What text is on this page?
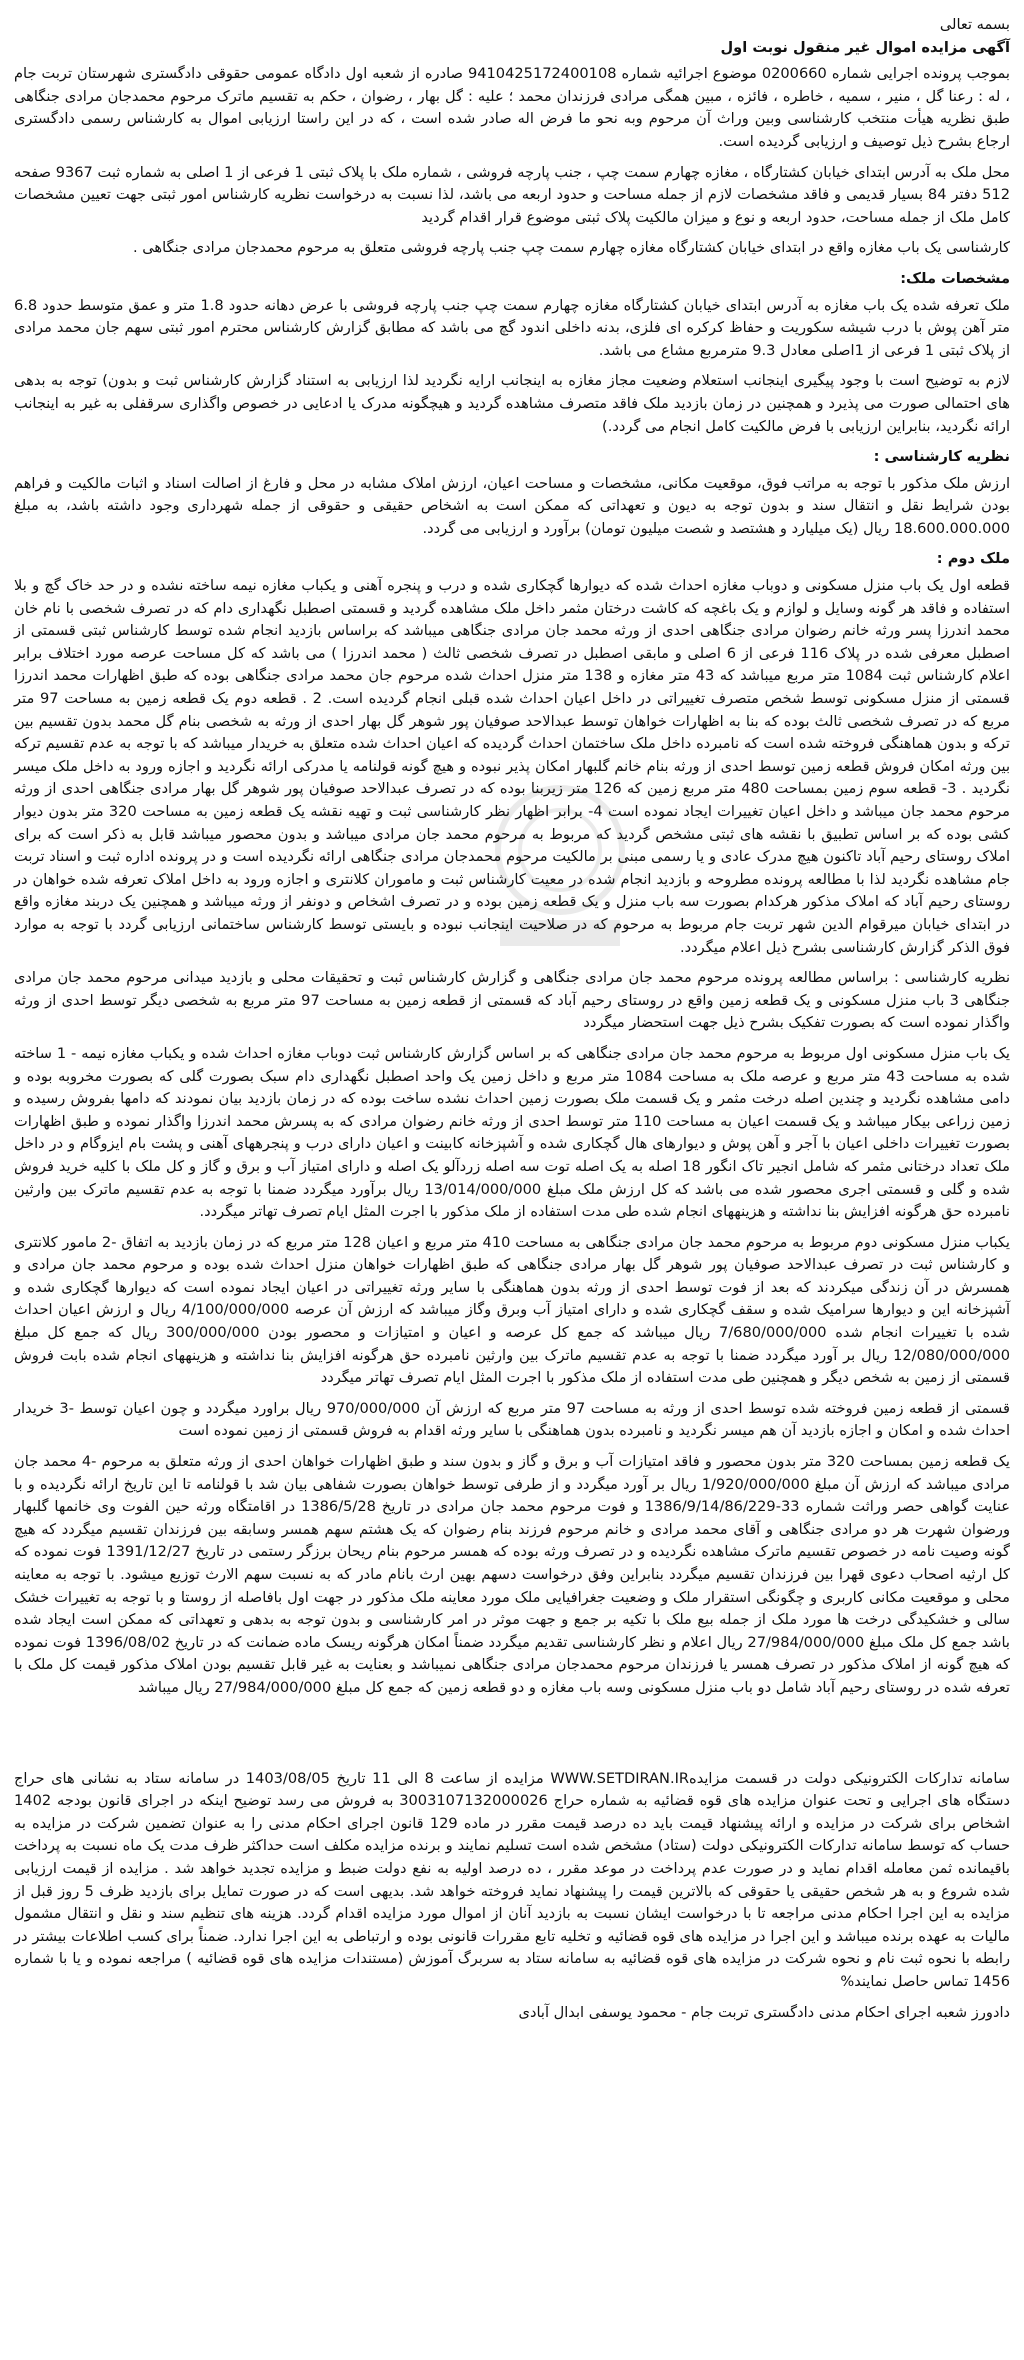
بسمه تعالی

آگهی مزایده اموال غیر منقول نوبت اول

بموجب پرونده اجرایی شماره 0200660 موضوع اجرائیه شماره 9410425172400108 صادره از شعبه اول دادگاه عمومی حقوقی دادگستری شهرستان تربت جام ، له : رعنا گل ، منیر ، سمیه ، خاطره ، فائزه ، مبین همگی مرادی فرزندان محمد ؛ علیه : گل بهار ، رضوان ، حکم به تقسیم ماترک مرحوم محمدجان مرادی جنگاهی طبق نظریه هیأت منتخب کارشناسی وبین وراث آن مرحوم وبه نحو ما فرض اله صادر شده است ، که در این راستا ارزیابی اموال به کارشناس رسمی دادگستری ارجاع بشرح ذیل توصیف و ارزیابی گردیده است.

محل ملک به آدرس ابتدای خیابان کشتارگاه ، مغازه چهارم سمت چپ ، جنب پارچه فروشی ، شماره ملک با پلاک ثبتی 1 فرعی از 1 اصلی به شماره ثبت 9367 صفحه 512 دفتر 84 بسیار قدیمی و فاقد مشخصات لازم از جمله مساحت و حدود اربعه می باشد، لذا نسبت به درخواست نظریه کارشناس امور ثبتی جهت تعیین مشخصات کامل ملک از جمله مساحت، حدود اربعه و نوع و میزان مالکیت پلاک ثبتی موضوع قرار اقدام گردید

کارشناسی یک باب مغازه واقع در ابتدای خیابان کشتارگاه مغازه چهارم سمت چپ جنب پارچه فروشی متعلق به مرحوم محمدجان مرادی جنگاهی .

مشخصات ملک:

ملک تعرفه شده یک باب مغازه به آدرس ابتدای خیابان کشتارگاه مغازه چهارم سمت چپ جنب پارچه فروشی با عرض دهانه حدود 1.8 متر و عمق متوسط حدود 6.8 متر آهن پوش با درب شیشه سکوریت و حفاظ کرکره ای فلزی، بدنه داخلی اندود گچ می باشد که مطابق گزارش کارشناس محترم امور ثبتی سهم جان محمد مرادی از پلاک ثبتی 1 فرعی از 1اصلی معادل 9.3 مترمربع مشاع می باشد.

لازم به توضیح است با وجود پیگیری اینجانب استعلام وضعیت مجاز مغازه به اینجانب ارایه نگردید لذا ارزیابی به استناد گزارش کارشناس ثبت و بدون) توجه به بدهی های احتمالی صورت می پذیرد و همچنین در زمان بازدید ملک فاقد متصرف مشاهده گردید و هیچگونه مدرک یا ادعایی در خصوص واگذاری سرقفلی به غیر به اینجانب ارائه نگردید، بنابراین ارزیابی با فرض مالکیت کامل انجام می گردد.)

نظریه کارشناسی :

ارزش ملک مذکور با توجه به مراتب فوق، موقعیت مکانی، مشخصات و مساحت اعیان، ارزش املاک مشابه در محل و فارغ از اصالت اسناد و اثبات مالکیت و فراهم بودن شرایط نقل و انتقال سند و بدون توجه به دیون و تعهداتی که ممکن است به اشخاص حقیقی و حقوقی از جمله شهرداری وجود داشته باشد، به مبلغ 18.600.000.000 ریال (یک میلیارد و هشتصد و شصت میلیون تومان) برآورد و ارزیابی می گردد.

ملک دوم :

قطعه اول یک باب منزل مسکونی و دوباب مغازه احداث شده که دیوارها گچکاری شده و درب و پنجره آهنی و یکباب مغازه نیمه ساخته نشده و در حد خاک گچ و بلا استفاده و فاقد هر گونه وسایل و لوازم و یک باغچه که کاشت درختان مثمر داخل ملک مشاهده گردید و قسمتی اصطبل نگهداری دام که در تصرف شخصی با نام خان محمد اندرزا پسر ورثه خانم رضوان مرادی جنگاهی احدی از ورثه محمد جان مرادی جنگاهی میباشد که براساس بازدید انجام شده توسط کارشناس ثبتی قسمتی از اصطبل معرفی شده در پلاک 116 فرعی از 6 اصلی و مابقی اصطبل در تصرف شخصی ثالث ( محمد اندرزا ) می باشد که کل مساحت عرصه مورد اختلاف برابر اعلام کارشناس ثبت 1084 متر مربع میباشد که 43 متر مغازه و 138 متر منزل احداث شده مرحوم جان محمد مرادی جنگاهی بوده که طبق اظهارات محمد اندرزا قسمتی از منزل مسکونی توسط شخص متصرف تغییراتی در داخل اعیان احداث شده قبلی انجام گردیده است. 2 . قطعه دوم یک قطعه زمین به مساحت 97 متر مربع که در تصرف شخصی ثالث بوده که بنا به اظهارات خواهان توسط عبدالاحد صوفیان پور شوهر گل بهار احدی از ورثه به شخصی بنام گل محمد بدون تقسیم بین ترکه و بدون هماهنگی فروخته شده است که نامبرده داخل ملک ساختمان احداث گردیده که اعیان احداث شده متعلق به خریدار میباشد که با توجه به عدم تقسیم ترکه بین ورثه امکان فروش قطعه زمین توسط احدی از ورثه بنام خانم گلبهار امکان پذیر نبوده و هیچ گونه قولنامه یا مدرکی ارائه نگردید و اجازه ورود به داخل ملک میسر نگردید . 3- قطعه سوم زمین بمساحت 480 متر مربع زمین که 126 متر زیربنا بوده که در تصرف عبدالاحد صوفیان پور شوهر گل بهار مرادی جنگاهی احدی از ورثه مرحوم محمد جان میباشد و داخل اعیان تغییرات ایجاد نموده است 4- برابر اظهار نظر کارشناسی ثبت و تهیه نقشه یک قطعه زمین به مساحت 320 متر بدون دیوار کشی بوده که بر اساس تطبیق با نقشه های ثبتی مشخص گردید که مربوط به مرحوم محمد جان مرادی میباشد و بدون محصور میباشد قابل به ذکر است که برای املاک روستای رحیم آباد تاکنون هیچ مدرک عادی و یا رسمی مبنی بر مالکیت مرحوم محمدجان مرادی جنگاهی ارائه نگردیده است و در پرونده اداره ثبت و اسناد تربت جام مشاهده نگردید لذا با مطالعه پرونده مطروحه و بازدید انجام شده در معیت کارشناس ثبت و ماموران کلانتری و اجازه ورود به داخل املاک تعرفه شده خواهان در روستای رحیم آباد که املاک مذکور هرکدام بصورت سه باب منزل و یک قطعه زمین بوده و در تصرف اشخاص و دونفر از ورثه میباشد و همچنین یک دربند مغازه واقع در ابتدای خیابان میرقوام الدین شهر تربت جام مربوط به مرحوم که در صلاحیت اینجانب نبوده و بایستی توسط کارشناس ساختمانی ارزیابی گردد با توجه به موارد فوق الذکر گزارش کارشناسی بشرح ذیل اعلام میگردد.

نظریه کارشناسی : براساس مطالعه پرونده مرحوم محمد جان مرادی جنگاهی و گزارش کارشناس ثبت و تحقیقات محلی و بازدید میدانی مرحوم محمد جان مرادی جنگاهی 3 باب منزل مسکونی و یک قطعه زمین واقع در روستای رحیم آباد که قسمتی از قطعه زمین به مساحت 97 متر مربع به شخصی دیگر توسط احدی از ورثه واگذار نموده است که بصورت تفکیک بشرح ذیل جهت استحضار میگردد

یک باب منزل مسکونی اول مربوط به مرحوم محمد جان مرادی جنگاهی که بر اساس گزارش کارشناس ثبت دوباب مغازه احداث شده و یکباب مغازه نیمه - 1 ساخته شده به مساحت 43 متر مربع و عرصه ملک به مساحت 1084 متر مربع و داخل زمین یک واحد اصطبل نگهداری دام سبک بصورت گلی که بصورت مخروبه بوده و دامی مشاهده نگردید و چندین اصله درخت مثمر و یک قسمت ملک بصورت زمین احداث نشده ساخت بوده که در زمان بازدید بیان نمودند که دامها بفروش رسیده و زمین زراعی بیکار میباشد و یک قسمت اعیان به مساحت 110 متر توسط احدی از ورثه خانم رضوان مرادی که به پسرش محمد اندرزا واگذار نموده و طبق اظهارات بصورت تغییرات داخلی اعیان با آجر و آهن پوش و دیوارهای هال گچکاری شده و آشپزخانه کابینت و اعیان دارای درب و پنجرههای آهنی و پشت بام ایزوگام و در داخل ملک تعداد درختانی مثمر که شامل انجیر تاک انگور 18 اصله به یک اصله توت سه اصله زردآلو یک اصله و دارای امتیاز آب و برق و گاز و کل ملک با کلیه خرید فروش شده و گلی و قسمتی اجری محصور شده می باشد که کل ارزش ملک مبلغ 13/014/000/000 ریال برآورد میگردد ضمنا با توجه به عدم تقسیم ماترک بین وارثین نامبرده حق هرگونه افزایش بنا نداشته و هزینههای انجام شده طی مدت استفاده از ملک مذکور با اجرت المثل ایام تصرف تهاتر میگردد.

یکباب منزل مسکونی دوم مربوط به مرحوم محمد جان مرادی جنگاهی به مساحت 410 متر مربع و اعیان 128 متر مربع که در زمان بازدید به اتفاق -2 مامور کلانتری و کارشناس ثبت در تصرف عبدالاحد صوفیان پور شوهر گل بهار مرادی جنگاهی که طبق اظهارات خواهان منزل احداث شده بوده و مرحوم محمد جان مرادی و همسرش در آن زندگی میکردند که بعد از فوت توسط احدی از ورثه بدون هماهنگی با سایر ورثه تغییراتی در اعیان ایجاد نموده است که دیوارها گچکاری شده و آشپزخانه این و دیوارها سرامیک شده و سقف گچکاری شده و دارای امتیاز آب وبرق وگاز میباشد که ارزش آن عرصه 4/100/000/000 ریال و ارزش اعیان احداث شده با تغییرات انجام شده 7/680/000/000 ریال میباشد که جمع کل عرصه و اعیان و امتیازات و محصور بودن 300/000/000 ریال که جمع کل مبلغ 12/080/000/000 ریال بر آورد میگردد ضمنا با توجه به عدم تقسیم ماترک بین وارثین نامبرده حق هرگونه افزایش بنا نداشته و هزینههای انجام شده بابت فروش قسمتی از زمین به شخص دیگر و همچنین طی مدت استفاده از ملک مذکور با اجرت المثل ایام تصرف تهاتر میگردد

قسمتی از قطعه زمین فروخته شده توسط احدی از ورثه به مساحت 97 متر مربع که ارزش آن 970/000/000 ریال براورد میگردد و چون اعیان توسط -3 خریدار احداث شده و امکان و اجازه بازدید آن هم میسر نگردید و نامبرده بدون هماهنگی با سایر ورثه اقدام به فروش قسمتی از زمین نموده است

یک قطعه زمین بمساحت 320 متر بدون محصور و فاقد امتیازات آب و برق و گاز و بدون سند و طبق اظهارات خواهان احدی از ورثه متعلق به مرحوم -4 محمد جان مرادی میباشد که ارزش آن مبلغ 1/920/000/000 ریال بر آورد میگردد و از طرفی توسط خواهان بصورت شفاهی بیان شد با قولنامه تا این تاریخ ارائه نگردیده و با عنایت گواهی حصر وراثت شماره 33-1386/9/14/86/229 و فوت مرحوم محمد جان مرادی در تاریخ 1386/5/28 در اقامتگاه ورثه حین الفوت وی خانمها گلبهار ورضوان شهرت هر دو مرادی جنگاهی و آقای محمد مرادی و خانم مرحوم فرزند بنام رضوان که یک هشتم سهم همسر وسابقه بین فرزندان تقسیم میگردد که هیچ گونه وصیت نامه در خصوص تقسیم ماترک مشاهده نگردیده و در تصرف ورثه بوده که همسر مرحوم بنام ریحان برزگر رستمی در تاریخ 1391/12/27 فوت نموده که کل ارثیه اصحاب دعوی قهرا بین فرزندان تقسیم میگردد بنابراین وفق درخواست دسهم بهین ارث بانام مادر که به نسبت سهم الارث توزیع میشود. با توجه به معاینه محلی و موقعیت مکانی کاربری و چگونگی استقرار ملک و وضعیت جغرافیایی ملک مورد معاینه ملک مذکور در جهت اول بافاصله از روستا و با توجه به تغییرات خشک سالی و خشکیدگی درخت ها مورد ملک از جمله بیع ملک با تکیه بر جمع و جهت موثر در امر کارشناسی و بدون توجه به بدهی و تعهداتی که ممکن است ایجاد شده باشد جمع کل ملک مبلغ 27/984/000/000 ریال اعلام و نظر کارشناسی تقدیم میگردد ضمناً امکان هرگونه ریسک ماده ضمانت که در تاریخ 1396/08/02 فوت نموده که هیچ گونه از املاک مذکور در تصرف همسر یا فرزندان مرحوم محمدجان مرادی جنگاهی نمیباشد و بعنایت به غیر قابل تقسیم بودن املاک مذکور قیمت کل ملک با تعرفه شده در روستای رحیم آباد شامل دو باب منزل مسکونی وسه باب مغازه و دو قطعه زمین که جمع کل مبلغ 27/984/000/000 ریال میباشد

سامانه تدارکات الکترونیکی دولت در قسمت مزایدهWWW.SETDIRAN.IR مزایده از ساعت 8 الی 11 تاریخ 1403/08/05 در سامانه ستاد به نشانی های حراج دستگاه های اجرایی و تحت عنوان مزایده های قوه قضائیه به شماره حراج 3003107132000026 به فروش می رسد توضیح اینکه در اجرای قانون بودجه 1402 اشخاص برای شرکت در مزایده و ارائه پیشنهاد قیمت باید ده درصد قیمت مقرر در ماده 129 قانون اجرای احکام مدنی را به عنوان تضمین شرکت در مزایده به حساب که توسط سامانه تدارکات الکترونیکی دولت (ستاد) مشخص شده است تسلیم نمایند و برنده مزایده مکلف است حداکثر ظرف مدت یک ماه نسبت به پرداخت باقیمانده ثمن معامله اقدام نماید و در صورت عدم پرداخت در موعد مقرر ، ده درصد اولیه به نفع دولت ضبط و مزایده تجدید خواهد شد . مزایده از قیمت ارزیابی شده شروع و به هر شخص حقیقی یا حقوقی که بالاترین قیمت را پیشنهاد نماید فروخته خواهد شد. بدیهی است که در صورت تمایل برای بازدید ظرف 5 روز قبل از مزایده به این اجرا احکام مدنی مراجعه تا با درخواست ایشان نسبت به بازدید آنان از اموال مورد مزایده اقدام گردد. هزینه های تنظیم سند و نقل و انتقال مشمول مالیات به عهده برنده میباشد و این اجرا در مزایده های قوه قضائیه و تخلیه تابع مقررات قانونی بوده و ارتباطی به این اجرا ندارد. ضمناً برای کسب اطلاعات بیشتر در رابطه با نحوه ثبت نام و نحوه شرکت در مزایده های قوه قضائیه به سامانه ستاد به سربرگ آموزش (مستندات مزایده های قوه قضائیه ) مراجعه نموده و یا با شماره 1456 تماس حاصل نمایند%

دادورز شعبه اجرای احکام مدنی دادگستری تربت جام - محمود یوسفی ابدال آبادی
